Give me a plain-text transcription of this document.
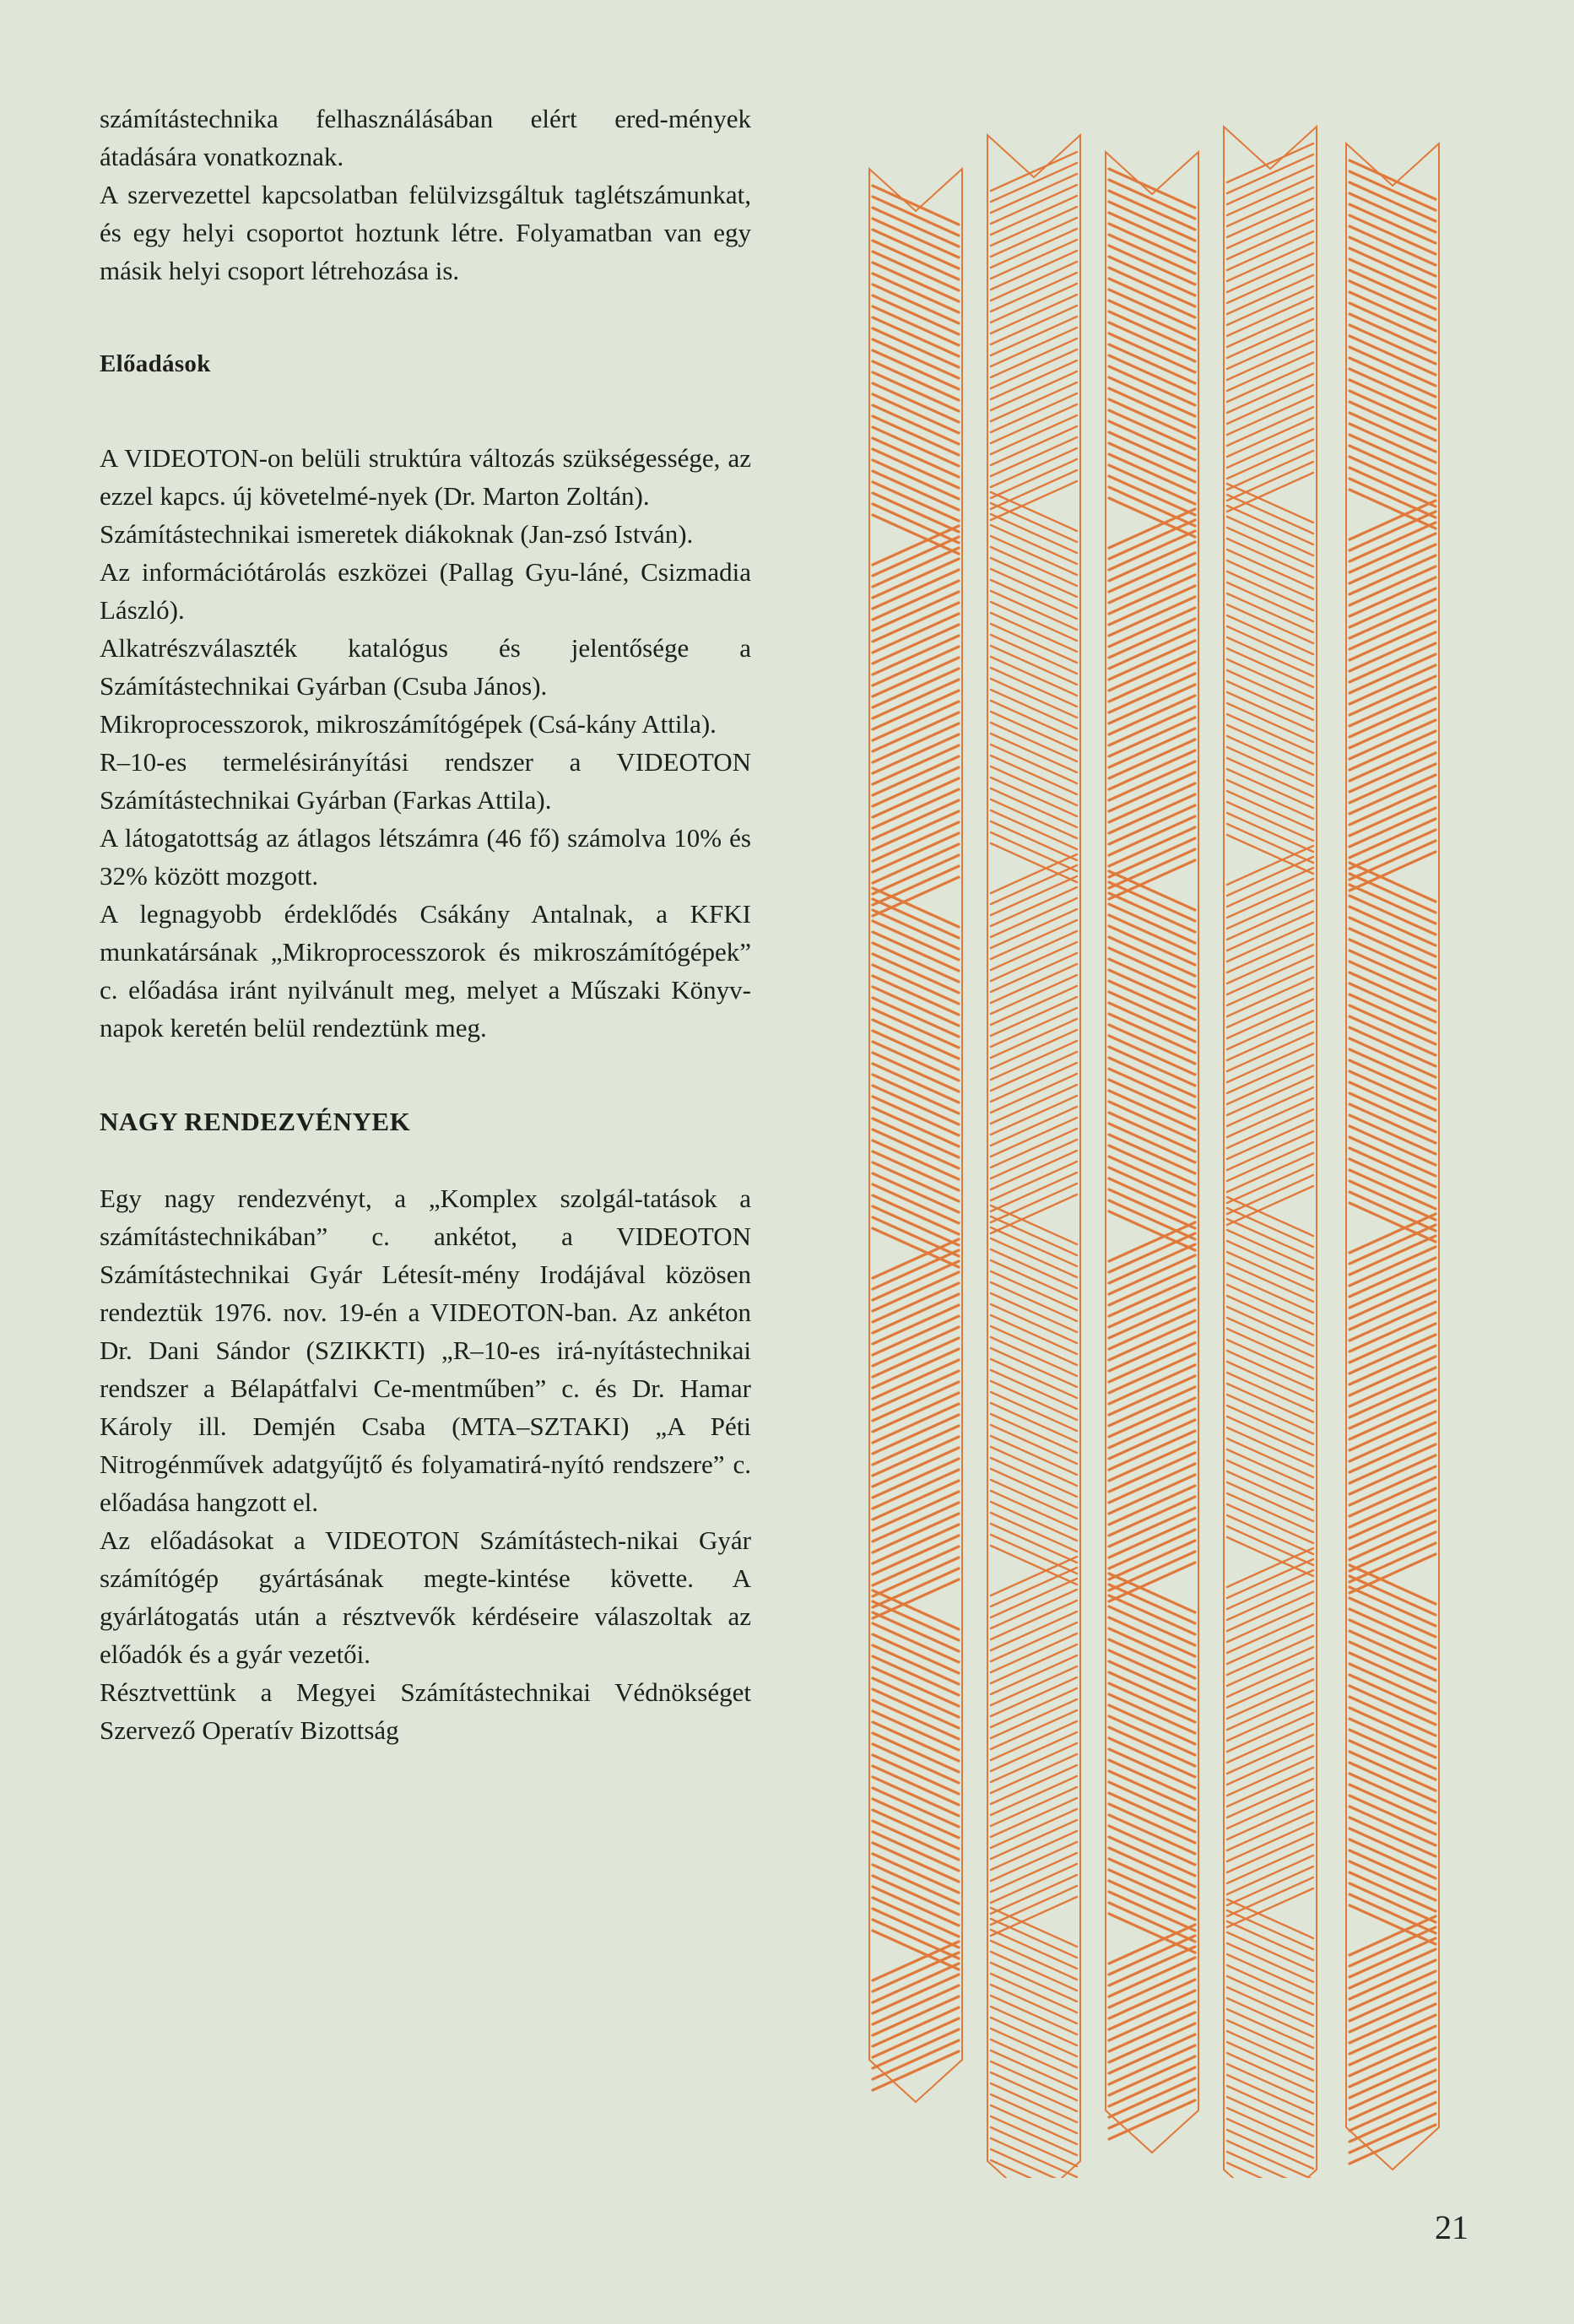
számítástechnika felhasználásában elért ered-mények átadására vonatkoznak.

A szervezettel kapcsolatban felülvizsgáltuk taglétszámunkat, és egy helyi csoportot hoztunk létre. Folyamatban van egy másik helyi csoport létrehozása is.

Előadások

A VIDEOTON-on belüli struktúra változás szükségessége, az ezzel kapcs. új követelmé-nyek (Dr. Marton Zoltán).

Számítástechnikai ismeretek diákoknak (Jan-zsó István).

Az információtárolás eszközei (Pallag Gyu-láné, Csizmadia László).

Alkatrészválaszték katalógus és jelentősége a Számítástechnikai Gyárban (Csuba János).

Mikroprocesszorok, mikroszámítógépek (Csá-kány Attila).

R–10-es termelésirányítási rendszer a VIDEOTON Számítástechnikai Gyárban (Farkas Attila).

A látogatottság az átlagos létszámra (46 fő) számolva 10% és 32% között mozgott.

A legnagyobb érdeklődés Csákány Antalnak, a KFKI munkatársának „Mikroprocesszorok és mikroszámítógépek” c. előadása iránt nyilvánult meg, melyet a Műszaki Könyv-napok keretén belül rendeztünk meg.

NAGY RENDEZVÉNYEK

Egy nagy rendezvényt, a „Komplex szolgál-tatások a számítástechnikában” c. ankétot, a VIDEOTON Számítástechnikai Gyár Létesít-mény Irodájával közösen rendeztük 1976. nov. 19-én a VIDEOTON-ban. Az ankéton Dr. Dani Sándor (SZIKKTI) „R–10-es irá-nyítástechnikai rendszer a Bélapátfalvi Ce-mentműben” c. és Dr. Hamar Károly ill. Demjén Csaba (MTA–SZTAKI) „A Péti Nitrogénművek adatgyűjtő és folyamatirá-nyító rendszere” c. előadása hangzott el.

Az előadásokat a VIDEOTON Számítástech-nikai Gyár számítógép gyártásának megte-kintése követte. A gyárlátogatás után a résztvevők kérdéseire válaszoltak az előadók és a gyár vezetői.

Résztvettünk a Megyei Számítástechnikai Védnökséget Szervező Operatív Bizottság

21
